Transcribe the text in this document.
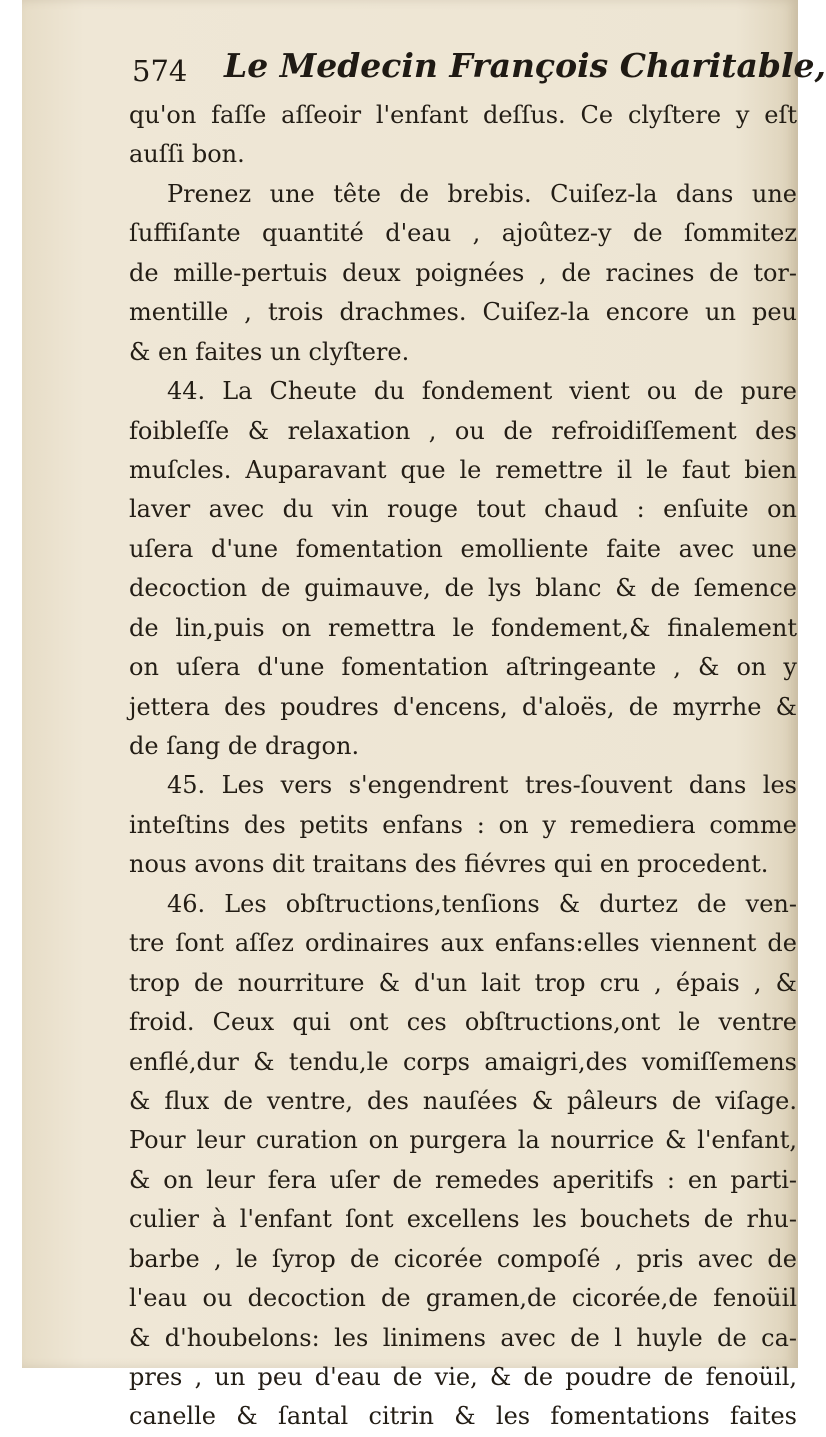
574 Le Medecin François Charitable,
qu'on faſſe aſſeoir l'enfant deſſus. Ce clyſtere y eſt
auſſi bon.
Prenez une tête de brebis. Cuiſez-la dans une
ſuffiſante quantité d'eau , ajoûtez-y de ſommitez
de mille-pertuis deux poignées , de racines de tor-
mentille , trois drachmes. Cuiſez-la encore un peu
& en faites un clyſtere.
44. La Cheute du fondement vient ou de pure
foibleſſe & relaxation , ou de refroidiſſement des
muſcles. Auparavant que le remettre il le faut bien
laver avec du vin rouge tout chaud : enſuite on
uſera d'une fomentation emolliente faite avec une
decoction de guimauve, de lys blanc & de ſemence
de lin,puis on remettra le fondement,& finalement
on uſera d'une fomentation aſtringeante , & on y
jettera des poudres d'encens, d'aloës, de myrrhe &
de ſang de dragon.
45. Les vers s'engendrent tres-ſouvent dans les
inteſtins des petits enfans : on y remediera comme
nous avons dit traitans des fiévres qui en procedent.
46. Les obſtructions,tenſions & durtez de ven-
tre ſont aſſez ordinaires aux enfans:elles viennent de
trop de nourriture & d'un lait trop cru , épais , &
froid. Ceux qui ont ces obſtructions,ont le ventre
enflé,dur & tendu,le corps amaigri,des vomiſſemens
& flux de ventre, des nauſées & pâleurs de viſage.
Pour leur curation on purgera la nourrice & l'enfant,
& on leur fera uſer de remedes aperitifs : en parti-
culier à l'enfant ſont excellens les bouchets de rhu-
barbe , le ſyrop de cicorée compoſé , pris avec de
l'eau ou decoction de gramen,de cicorée,de fenoüil
& d'houbelons: les linimens avec de l huyle de ca-
pres , un peu d'eau de vie, & de poudre de fenoüil,
canelle & ſantal citrin & les fomentations faites
